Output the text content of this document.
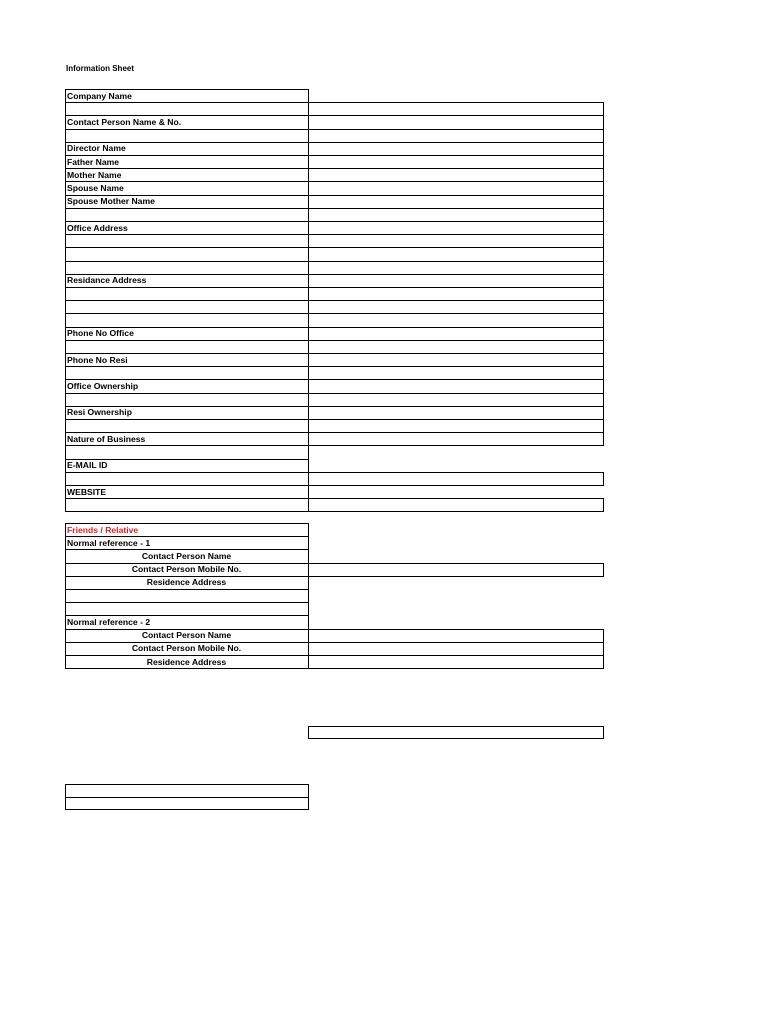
Information Sheet
Company Name
Contact Person Name & No.
Director Name
Father Name
Mother Name
Spouse Name
Spouse Mother Name
Office Address
Residance Address
Phone No Office
Phone No Resi
Office Ownership
Resi Ownership
Nature of Business
E-MAIL ID
WEBSITE
Friends / Relative
Normal reference - 1
Contact Person Name
Contact Person Mobile No.
Residence Address
Normal reference - 2
Contact Person Name
Contact Person Mobile No.
Residence Address
